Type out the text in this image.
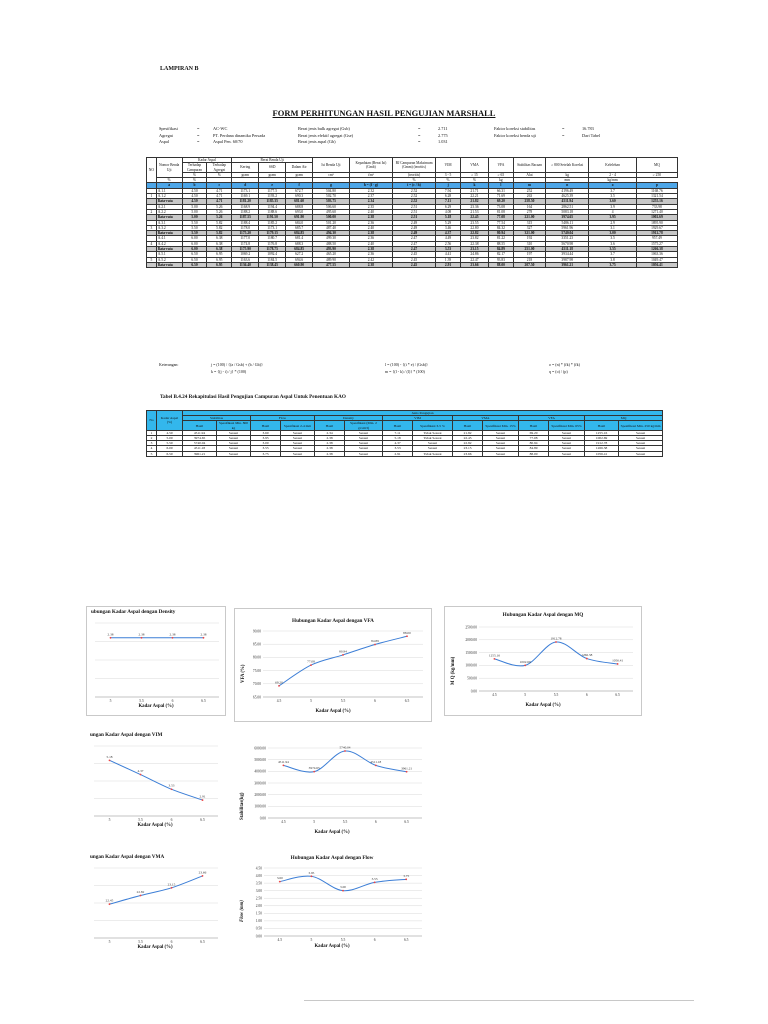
LAMPIRAN B
FORM PERHITUNGAN HASIL PENGUJIAN MARSHALL
Spesifikasi	=	AC-WC
Agregat	=	PT. Perdana dinamika Persada
Aspal	=	Aspal Pen. 60/70
Berat jenis bulk agregat (Gsb)	=	2.711
Berat jenis efektif agregat (Gse)	=	2.775
Berat jenis aspal (Gb)	=	1.031
Faktor koreksi stabilitas	=	16.783
Faktor koreksi benda uji	=	Dari Tabel
NO	Nomor Benda Uji	Kadar Aspal		Berat Benda Uji			Isi Benda Uji	Kepadatan (Berat Isi) (Gmb)	BJ Campuran Maksimum (Gmm) (teoritis)	VIM	VMA	VFA	Stabilitas Bacaan	≥ 800 Setelah Koreksi	Kelelehan	MQ
		Terhadap Campuran	Terhadap Agregat	Kering	SSD	Dalam Air										
		%	%	gram	gram	gram	cm³	t/m³	(teoritis)	3 - 5	≥ 15	≥ 65	Alat	kg	2 - 4	≥ 250
	%	%							%	%	%	kg		mm	kg/mm	
	a	b	c	d	e	f	g	h = (f - g)	i = (c / h)	j	k	l	m	n	o	p
	A.1.1	4.50	4.71	1173.1	1177.5	672.7	504.80	2.32	2.52	7.94	21.71	66.31	252	4196.49	3.7	1168.76
1	A.1.2	4.50	4.71	1169.1	1193.2	690.3	502.70	2.37	2.52	6.28	22.21	71.69	263	4625.39	3.5	1321.54
	Rata-rata	4.50	4.71	1181.20	1185.35	681.60	503.75	2.34	2.52	7.11	21.82	69.20	258.50	4511.94	3.60	1255.16
	A.2.1	5.00	5.26	1168.9	1194.4	688.8	506.60	2.35	2.51	6.29	23.36	73.08	164	2862.51	3.9	733.98
2	A.2.2	5.00	5.26	1188.2	1188.6	693.0	495.60	2.40	2.51	4.08	21.53	81.08	278	5083.18	4	1271.40
	Rata-rata	5.00	5.26	1187.55	1191.50	691.90	500.00	2.38	2.51	5.18	22.45	77.08	221.00	3974.65	3.95	1002.69
	A.3.1	5.50	5.82	1188.4	1185.2	684.0	501.20	2.36	2.49	5.29	23.55	77.54	315	5486.11	2.9	1895.90
3	A.3.2	5.50	5.82	1178.0	1173.1	685.7	487.40	2.40	2.49	3.46	22.80	84.32	327	5961.96	3.1	1929.67
	Rata-rata	5.50	5.82	1175.20	1179.15	684.85	494.30	2.38	2.49	4.37	22.82	80.94	321.00	5740.04	3.00	1912.78
	A.4.1	6.00	6.38	1177.0	1180.7	681.4	499.30	2.36	2.47	4.49	23.82	81.22	192	3351.23	3.5	957.49
4	A.4.2	6.00	6.38	1174.8	1176.8	688.3	488.50	2.40	2.47	2.56	22.38	88.55	310	5670.98	3.6	1575.27
	Rata-rata	6.00	6.38	1175.90	1178.75	684.85	493.90	2.38	2.47	3.53	23.15	84.89	251.00	4511.18	3.55	1266.38
	A.5.1	6.50	6.95	1069.2	1092.4	627.2	465.20	2.36	2.45	4.41	24.86	82.17	197	3934.44	3.7	1063.36
5	A.5.2	6.50	6.95	1163.6	1184.5	694.6	489.90	2.42	2.45	1.39	22.47	93.83	218	3987.98	3.8	1049.47
	Rata-rata	6.50	6.95	1136.40	1138.45	660.90	477.55	2.38	2.45	2.91	23.66	88.00	207.50	3961.21	3.75	1056.41
Keterangan:	j = (100) / {(a / Gsb) + (b / Gb)}
k = {(j - i) / j} * (100)
l = (100) - {(i * e) / (Gsb)}
m = {(l - k) / (l)} * (100)
o = (n) * (fk) * (fk)
q = (o) / (p)
Tabel B.4.24 Rekapitulasi Hasil Pengujian Campuran Aspal Untuk Penentuan KAO
No	Kadar Aspal (%)	Jenis Pengujian													
		Stabilitas		Flow		Density		VIM		VMA		VFA		MQ	
		Hasil	Spesifikasi Min. 800 kg	Hasil	Spesifikasi 2-4 mm	Hasil	Spesifikasi (Min. 2 gr/cm3)	Hasil	Spesifikasi 3-5 %	Hasil	Spesifikasi Min. 15%	Hasil	Spesifikasi Min. 65%	Hasil	Spesifikasi Min. 250 kg/mm
1	4.50	4511.94	Sesuai	3.60	Sesuai	2.34	Sesuai	7.11	Tidak Sesuai	21.82	Sesuai	69.20	Sesuai	1255.16	Sesuai
2	5.00	3974.65	Sesuai	3.95	Sesuai	2.38	Sesuai	5.18	Tidak Sesuai	22.45	Sesuai	77.08	Sesuai	1002.69	Sesuai
3	5.50	5740.04	Sesuai	3.00	Sesuai	2.38	Sesuai	4.37	Sesuai	22.82	Sesuai	80.94	Sesuai	1912.78	Sesuai
4	6.00	4511.18	Sesuai	3.55	Sesuai	2.38	Sesuai	3.53	Sesuai	23.15	Sesuai	84.89	Sesuai	1266.38	Sesuai
5	6.50	3961.21	Sesuai	3.75	Sesuai	2.38	Sesuai	2.91	Tidak Sesuai	23.66	Sesuai	88.00	Sesuai	1056.41	Sesuai
ubungan Kadar Aspal dengan Density
5	5.5	6	6.5
2.38	2.38	2.38	2.38
Kadar Aspal (%)
Hubungan Kadar Aspal dengan VFA
65.00
70.00
75.00
80.00
85.00
90.00
4.5	5	5.5	6	6.5
69.20
77.08
80.94
84.89
88.00
VFA (%)
Kadar Aspal (%)
Hubungan Kadar Aspal dengan MQ
0.00
500.00
1000.00
1500.00
2000.00
2500.00
4.5	5	5.5	6	6.5
1255.16
1002.69
1912.78
1266.38
1056.41
M Q (kg/mm)
Kadar Aspal (%)
ungan Kadar Aspal dengan VIM
5	5.5	6	6.5
5.18
4.37
3.53
2.91
Kadar Aspal (%)
0.00
1000.00
2000.00
3000.00
4000.00
5000.00
6000.00
4.5	5	5.5	6	6.5
4511.94
3974.65
5740.04
4511.18
3961.21
Stabilitas(kg)
Kadar Aspal (%)
ungan Kadar Aspal dengan VMA
5	5.5	6	6.5
22.45
22.82
23.15
23.66
Kadar Aspal (%)
Hubungan Kadar Aspal dengan Flow
0.00
0.50
1.00
1.50
2.00
2.50
3.00
3.50
4.00
4.50
4.5	5	5.5	6	6.5
3.60
3.95
3.00
3.55
3.75
Flow (mm)
Kadar Aspal (%)
